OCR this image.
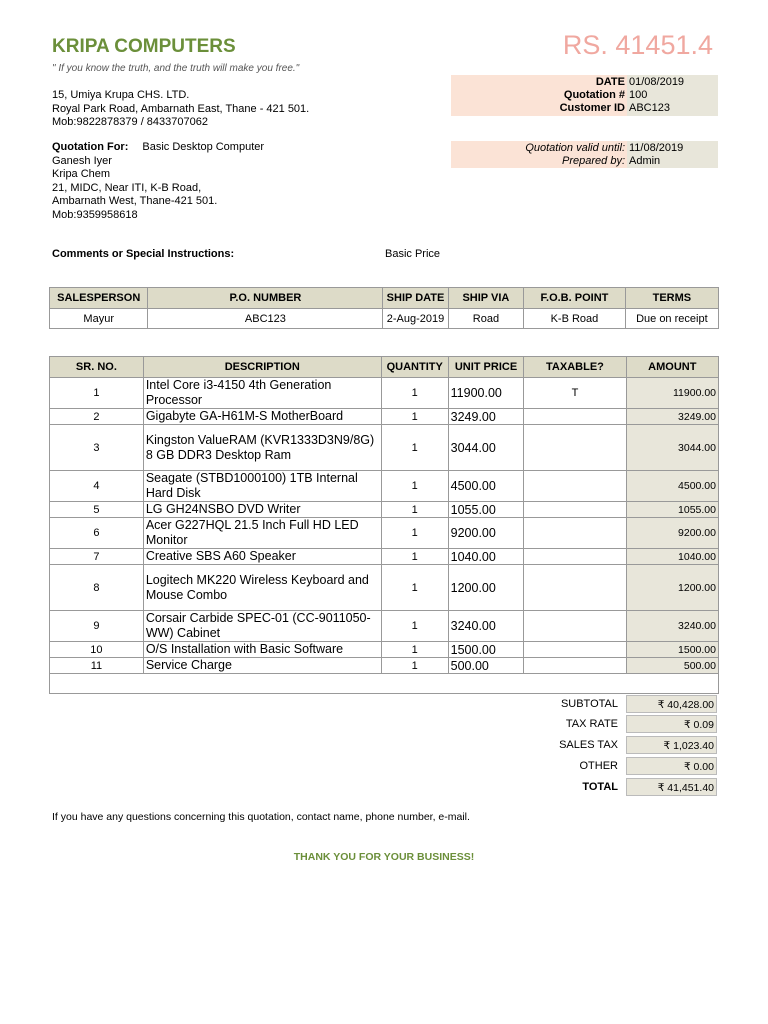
KRIPA COMPUTERS
" If you know the truth, and the truth will make you free."
RS. 41451.4
15, Umiya Krupa CHS. LTD.
Royal Park Road, Ambarnath East, Thane - 421 501.
Mob:9822878379 / 8433707062
DATE 01/08/2019
Quotation # 100
Customer ID ABC123
Quotation valid until: 11/08/2019
Prepared by: Admin
Quotation For: Basic Desktop Computer
Ganesh Iyer
Kripa Chem
21, MIDC, Near ITI, K-B Road,
Ambarnath West, Thane-421 501.
Mob:9359958618
Comments or Special Instructions:	Basic Price
SALESPERSON	P.O. NUMBER	SHIP DATE	SHIP VIA	F.O.B. POINT	TERMS
Mayur	ABC123	2-Aug-2019	Road	K-B Road	Due on receipt
SR. NO.	DESCRIPTION	QUANTITY	UNIT PRICE	TAXABLE?	AMOUNT
1	Intel Core i3-4150 4th Generation Processor	1	11900.00	T	11900.00
2	Gigabyte GA-H61M-S MotherBoard	1	3249.00		3249.00
3	Kingston ValueRAM (KVR1333D3N9/8G) 8 GB DDR3 Desktop Ram	1	3044.00		3044.00
4	Seagate (STBD1000100) 1TB Internal Hard Disk	1	4500.00		4500.00
5	LG GH24NSBO DVD Writer	1	1055.00		1055.00
6	Acer G227HQL 21.5 Inch Full HD LED Monitor	1	9200.00		9200.00
7	Creative SBS A60 Speaker	1	1040.00		1040.00
8	Logitech MK220 Wireless Keyboard and Mouse Combo	1	1200.00		1200.00
9	Corsair Carbide SPEC-01 (CC-9011050-WW) Cabinet	1	3240.00		3240.00
10	O/S Installation with Basic Software	1	1500.00		1500.00
11	Service Charge	1	500.00		500.00

SUBTOTAL	₹ 40,428.00
TAX RATE	₹ 0.09
SALES TAX	₹ 1,023.40
OTHER	₹ 0.00
TOTAL	₹ 41,451.40
If you have any questions concerning this quotation, contact name, phone number, e-mail.
THANK YOU FOR YOUR BUSINESS!
